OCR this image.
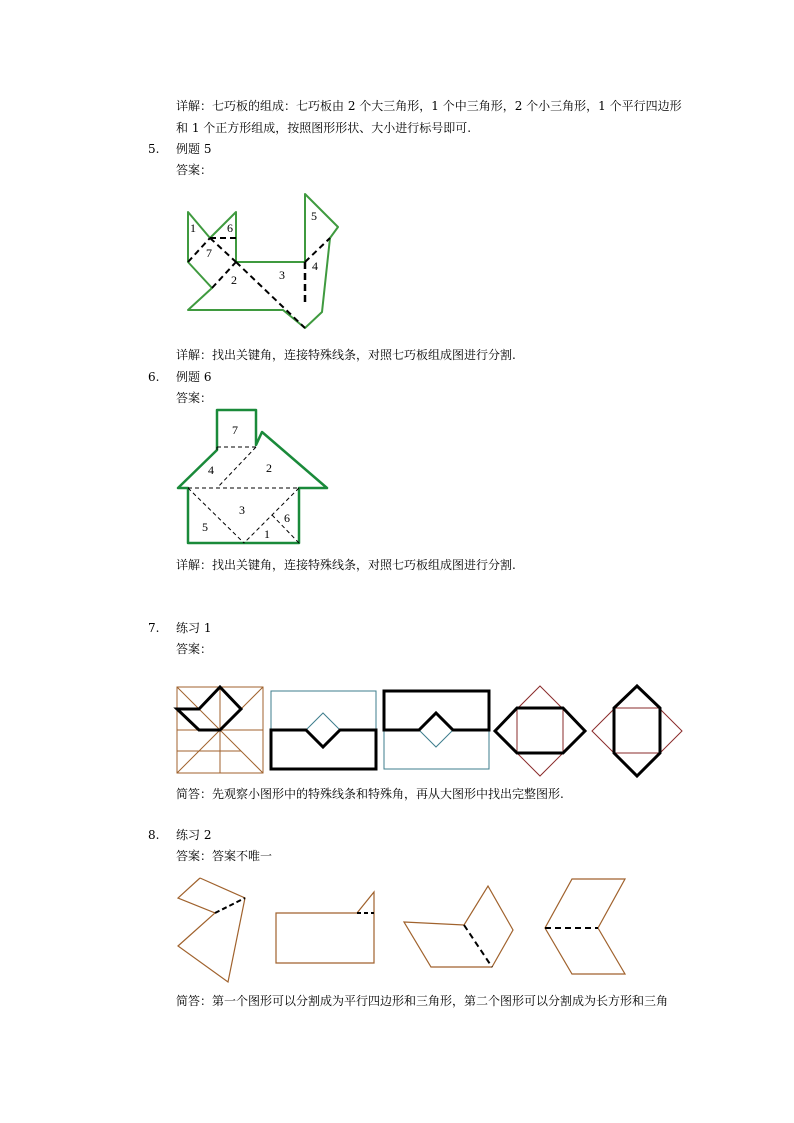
详解：七巧板的组成：七巧板由 2 个大三角形，1 个中三角形，2 个小三角形，1 个平行四边形
和 1 个正方形组成，按照图形形状、大小进行标号即可.
5. 例题 5
答案：
1	6
7
2	3
5
4
详解：找出关键角，连接特殊线条，对照七巧板组成图进行分割.
6. 例题 6
答案：
7
4	2
3
5
6
1
详解：找出关键角，连接特殊线条，对照七巧板组成图进行分割.
7. 练习 1
答案：
简答：先观察小图形中的特殊线条和特殊角，再从大图形中找出完整图形.
8. 练习 2
答案：答案不唯一
简答：第一个图形可以分割成为平行四边形和三角形，第二个图形可以分割成为长方形和三角
